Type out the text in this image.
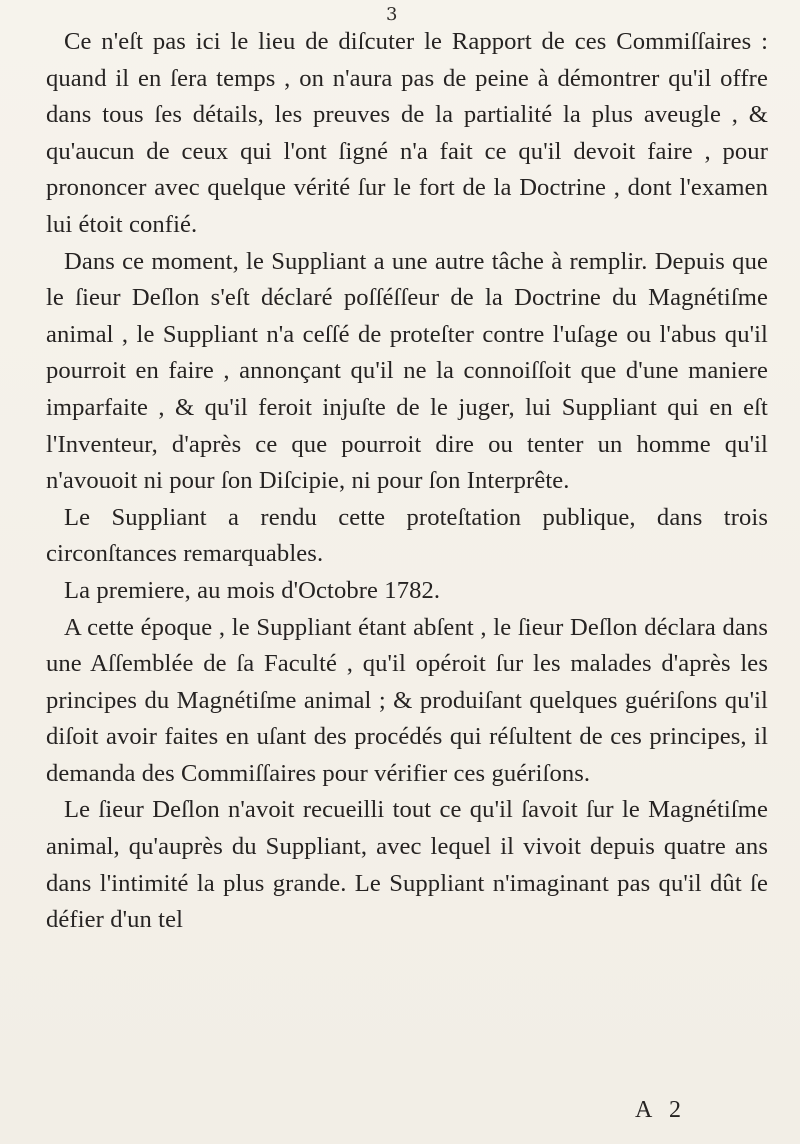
3

Ce n'eſt pas ici le lieu de diſcuter le Rapport de ces Commiſſaires : quand il en ſera temps , on n'aura pas de peine à démontrer qu'il offre dans tous ſes détails, les preuves de la partialité la plus aveugle , & qu'aucun de ceux qui l'ont ſigné n'a fait ce qu'il devoit faire , pour prononcer avec quelque vérité ſur le fort de la Doctrine , dont l'examen lui étoit confié.

Dans ce moment, le Suppliant a une autre tâche à remplir. Depuis que le ſieur Deſlon s'eſt déclaré poſſéſſeur de la Doctrine du Magnétiſme animal , le Suppliant n'a ceſſé de proteſter contre l'uſage ou l'abus qu'il pourroit en faire , annonçant qu'il ne la connoiſſoit que d'une maniere imparfaite , & qu'il feroit injuſte de le juger, lui Suppliant qui en eſt l'Inventeur, d'après ce que pourroit dire ou tenter un homme qu'il n'avouoit ni pour ſon Diſcipie, ni pour ſon Interprête.

Le Suppliant a rendu cette proteſtation publique, dans trois circonſtances remarquables.

La premiere, au mois d'Octobre 1782.

A cette époque , le Suppliant étant abſent , le ſieur Deſlon déclara dans une Aſſemblée de ſa Faculté , qu'il opéroit ſur les malades d'après les principes du Magnétiſme animal ; & produiſant quelques guériſons qu'il diſoit avoir faites en uſant des procédés qui réſultent de ces principes, il demanda des Commiſſaires pour vérifier ces guériſons.

Le ſieur Deſlon n'avoit recueilli tout ce qu'il ſavoit ſur le Magnétiſme animal, qu'auprès du Suppliant, avec lequel il vivoit depuis quatre ans dans l'intimité la plus grande. Le Suppliant n'imaginant pas qu'il dût ſe défier d'un tel

A 2
